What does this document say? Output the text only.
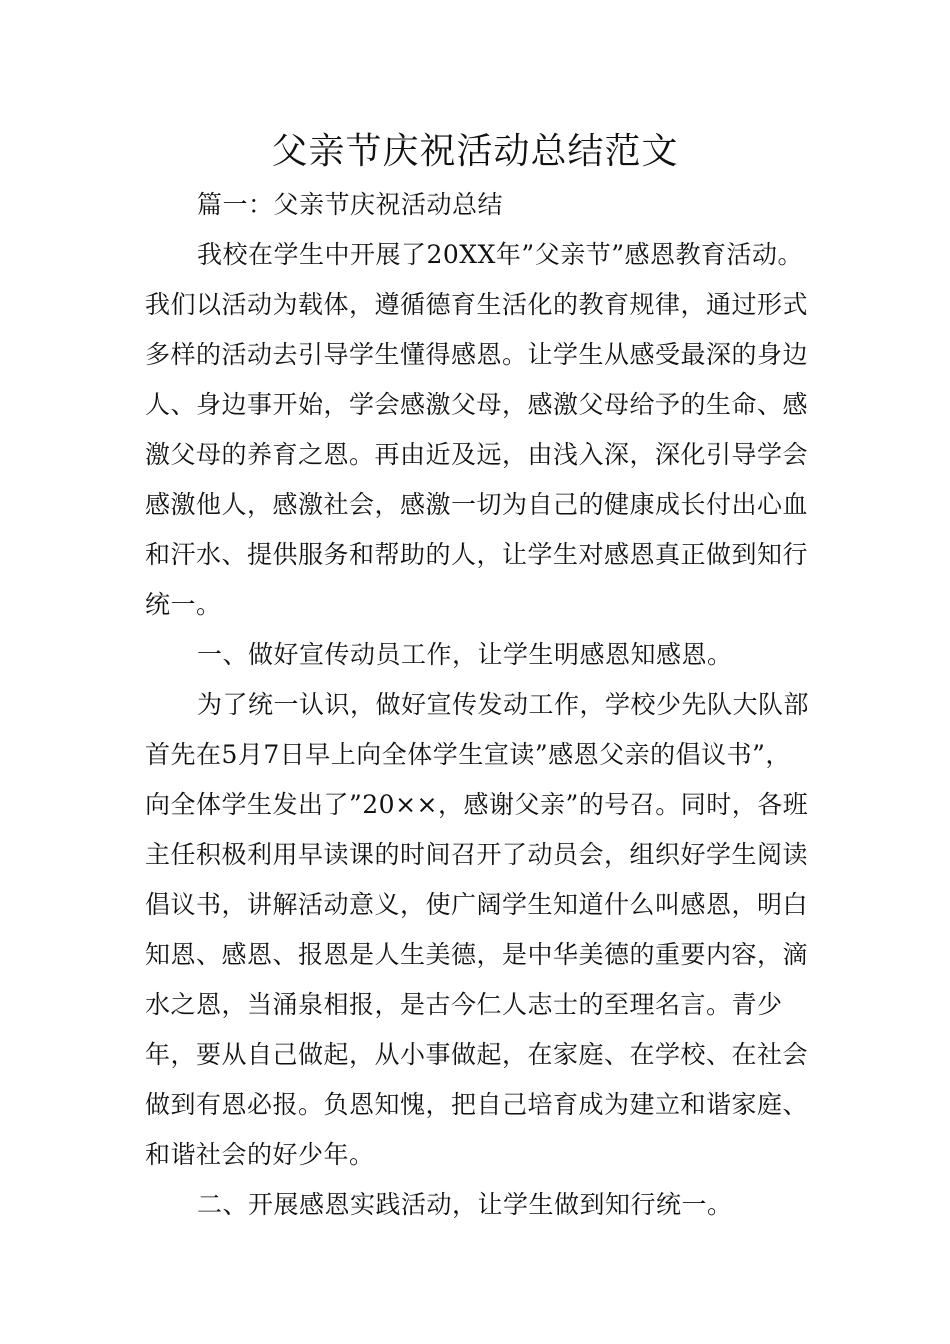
父亲节庆祝活动总结范文

篇一：父亲节庆祝活动总结

我校在学生中开展了20XX年”父亲节”感恩教育活动。我们以活动为载体，遵循德育生活化的教育规律，通过形式多样的活动去引导学生懂得感恩。让学生从感受最深的身边人、身边事开始，学会感激父母，感激父母给予的生命、感激父母的养育之恩。再由近及远，由浅入深，深化引导学会感激他人，感激社会，感激一切为自己的健康成长付出心血和汗水、提供服务和帮助的人，让学生对感恩真正做到知行统一。

一、做好宣传动员工作，让学生明感恩知感恩。

为了统一认识，做好宣传发动工作，学校少先队大队部首先在5月7日早上向全体学生宣读”感恩父亲的倡议书”，向全体学生发出了”20××，感谢父亲”的号召。同时，各班主任积极利用早读课的时间召开了动员会，组织好学生阅读倡议书，讲解活动意义，使广阔学生知道什么叫感恩，明白知恩、感恩、报恩是人生美德，是中华美德的重要内容，滴水之恩，当涌泉相报，是古今仁人志士的至理名言。青少年，要从自己做起，从小事做起，在家庭、在学校、在社会做到有恩必报。负恩知愧，把自己培育成为建立和谐家庭、和谐社会的好少年。

二、开展感恩实践活动，让学生做到知行统一。
